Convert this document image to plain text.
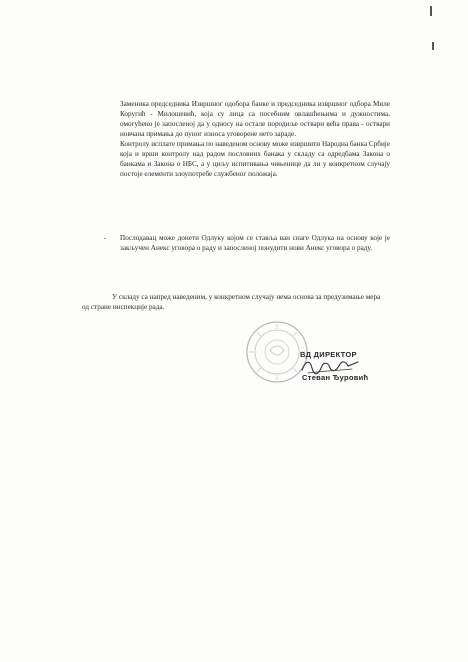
Заменика председника Извршног одобора банке и председника извршног одбора Миле Коругић - Милошевић, која су лица са посебним овлашћењима и дужностима, омогућено је запосленој да у односу на остале породиље оствари већа права - оствари новчана примања до пуног износа уговорене нето зараде.

Контролу исплате примања по наведеном основу може извршити Народна банка Србије која и врши контролу над радом пословних банака у складу са одредбама Закона о банкама и Закона о НБС, а у циљу испитивања чињенице да ли у конкретном случају постоје елементи злоупотребе службеног положаја.

- Послодавац може донети Одлуку којом се ставља ван снаге Одлука на основу које је закључен Анекс уговора о раду и запосленој понудити нови Анекс уговора о раду.

У складу са напред наведеним, у конкретном случају нема основа за предузимање мера

од стране инспекције рада.

ВД ДИРЕКТОР
Стеван Ђуровић
